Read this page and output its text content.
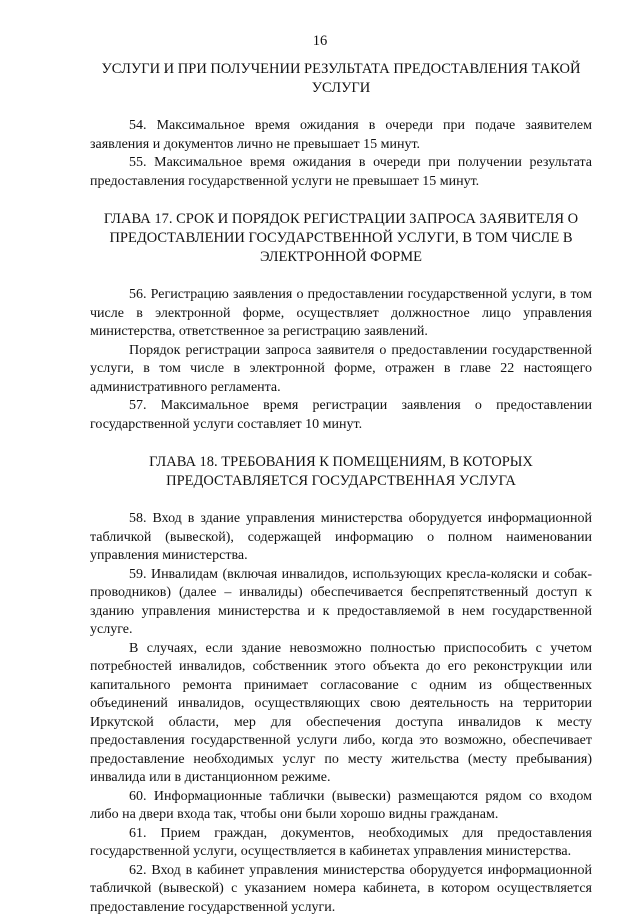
16

УСЛУГИ И ПРИ ПОЛУЧЕНИИ РЕЗУЛЬТАТА ПРЕДОСТАВЛЕНИЯ ТАКОЙ УСЛУГИ

54. Максимальное время ожидания в очереди при подаче заявителем заявления и документов лично не превышает 15 минут.

55. Максимальное время ожидания в очереди при получении результата предоставления государственной услуги не превышает 15 минут.

ГЛАВА 17. СРОК И ПОРЯДОК РЕГИСТРАЦИИ ЗАПРОСА ЗАЯВИТЕЛЯ О ПРЕДОСТАВЛЕНИИ ГОСУДАРСТВЕННОЙ УСЛУГИ, В ТОМ ЧИСЛЕ В ЭЛЕКТРОННОЙ ФОРМЕ

56. Регистрацию заявления о предоставлении государственной услуги, в том числе в электронной форме, осуществляет должностное лицо управления министерства, ответственное за регистрацию заявлений.

Порядок регистрации запроса заявителя о предоставлении государственной услуги, в том числе в электронной форме, отражен в главе 22 настоящего административного регламента.

57. Максимальное время регистрации заявления о предоставлении государственной услуги составляет 10 минут.

ГЛАВА 18. ТРЕБОВАНИЯ К ПОМЕЩЕНИЯМ, В КОТОРЫХ ПРЕДОСТАВЛЯЕТСЯ ГОСУДАРСТВЕННАЯ УСЛУГА

58. Вход в здание управления министерства оборудуется информационной табличкой (вывеской), содержащей информацию о полном наименовании управления министерства.

59. Инвалидам (включая инвалидов, использующих кресла-коляски и собак-проводников) (далее – инвалиды) обеспечивается беспрепятственный доступ к зданию управления министерства и к предоставляемой в нем государственной услуге.

В случаях, если здание невозможно полностью приспособить с учетом потребностей инвалидов, собственник этого объекта до его реконструкции или капитального ремонта принимает согласование с одним из общественных объединений инвалидов, осуществляющих свою деятельность на территории Иркутской области, мер для обеспечения доступа инвалидов к месту предоставления государственной услуги либо, когда это возможно, обеспечивает предоставление необходимых услуг по месту жительства (месту пребывания) инвалида или в дистанционном режиме.

60. Информационные таблички (вывески) размещаются рядом со входом либо на двери входа так, чтобы они были хорошо видны гражданам.

61. Прием граждан, документов, необходимых для предоставления государственной услуги, осуществляется в кабинетах управления министерства.

62. Вход в кабинет управления министерства оборудуется информационной табличкой (вывеской) с указанием номера кабинета, в котором осуществляется предоставление государственной услуги.
